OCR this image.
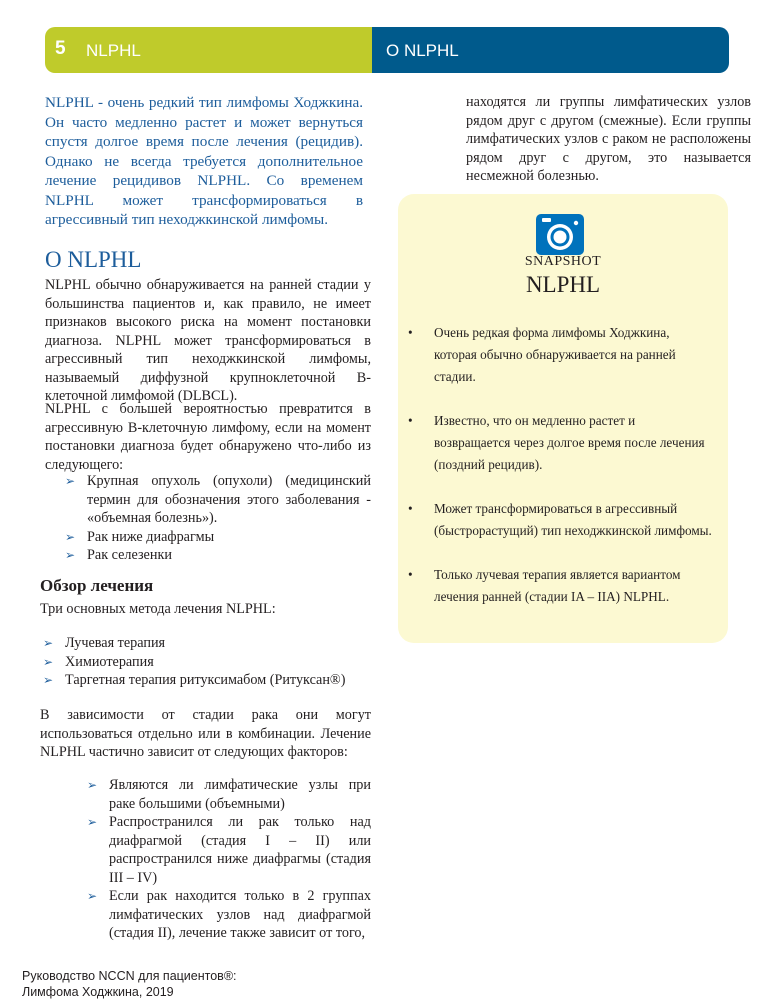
5 NLPHL	О NLPHL

NLPHL - очень редкий тип лимфомы Ходжкина. Он часто медленно растет и может вернуться спустя долгое время после лечения (рецидив). Однако не всегда требуется дополнительное лечение рецидивов NLPHL. Со временем NLPHL может трансформироваться в агрессивный тип неходжкинской лимфомы.

О NLPHL

NLPHL обычно обнаруживается на ранней стадии у большинства пациентов и, как правило, не имеет признаков высокого риска на момент постановки диагноза. NLPHL может трансформироваться в агрессивный тип неходжкинской лимфомы, называемый диффузной крупноклеточной B-клеточной лимфомой (DLBCL).

NLPHL с большей вероятностью превратится в агрессивную B-клеточную лимфому, если на момент постановки диагноза будет обнаружено что-либо из следующего:

➢ Крупная опухоль (опухоли) (медицинский термин для обозначения этого заболевания - «объемная болезнь»).
➢ Рак ниже диафрагмы
➢ Рак селезенки
Обзор лечения

Три основных метода лечения NLPHL:

➢ Лучевая терапия
➢ Химиотерапия
➢ Таргетная терапия ритуксимабом (Ритуксан®)

В зависимости от стадии рака они могут использоваться отдельно или в комбинации. Лечение NLPHL частично зависит от следующих факторов:

➢ Являются ли лимфатические узлы при раке большими (объемными)
➢ Распространился ли рак только над диафрагмой (стадия I – II) или распространился ниже диафрагмы (стадия III – IV)
➢ Если рак находится только в 2 группах лимфатических узлов над диафрагмой (стадия II), лечение также зависит от того,

находятся ли группы лимфатических узлов рядом друг с другом (смежные). Если группы лимфатических узлов с раком не расположены рядом друг с другом, это называется несмежной болезнью.

SNAPSHOT
NLPHL
• Очень редкая форма лимфомы Ходжкина, которая обычно обнаруживается на ранней стадии.
• Известно, что он медленно растет и возвращается через долгое время после лечения (поздний рецидив).
• Может трансформироваться в агрессивный (быстрорастущий) тип неходжкинской лимфомы.
• Только лучевая терапия является вариантом лечения ранней (стадии IA – IIA) NLPHL.
Руководство NCCN для пациентов®:
Лимфома Ходжкина, 2019
